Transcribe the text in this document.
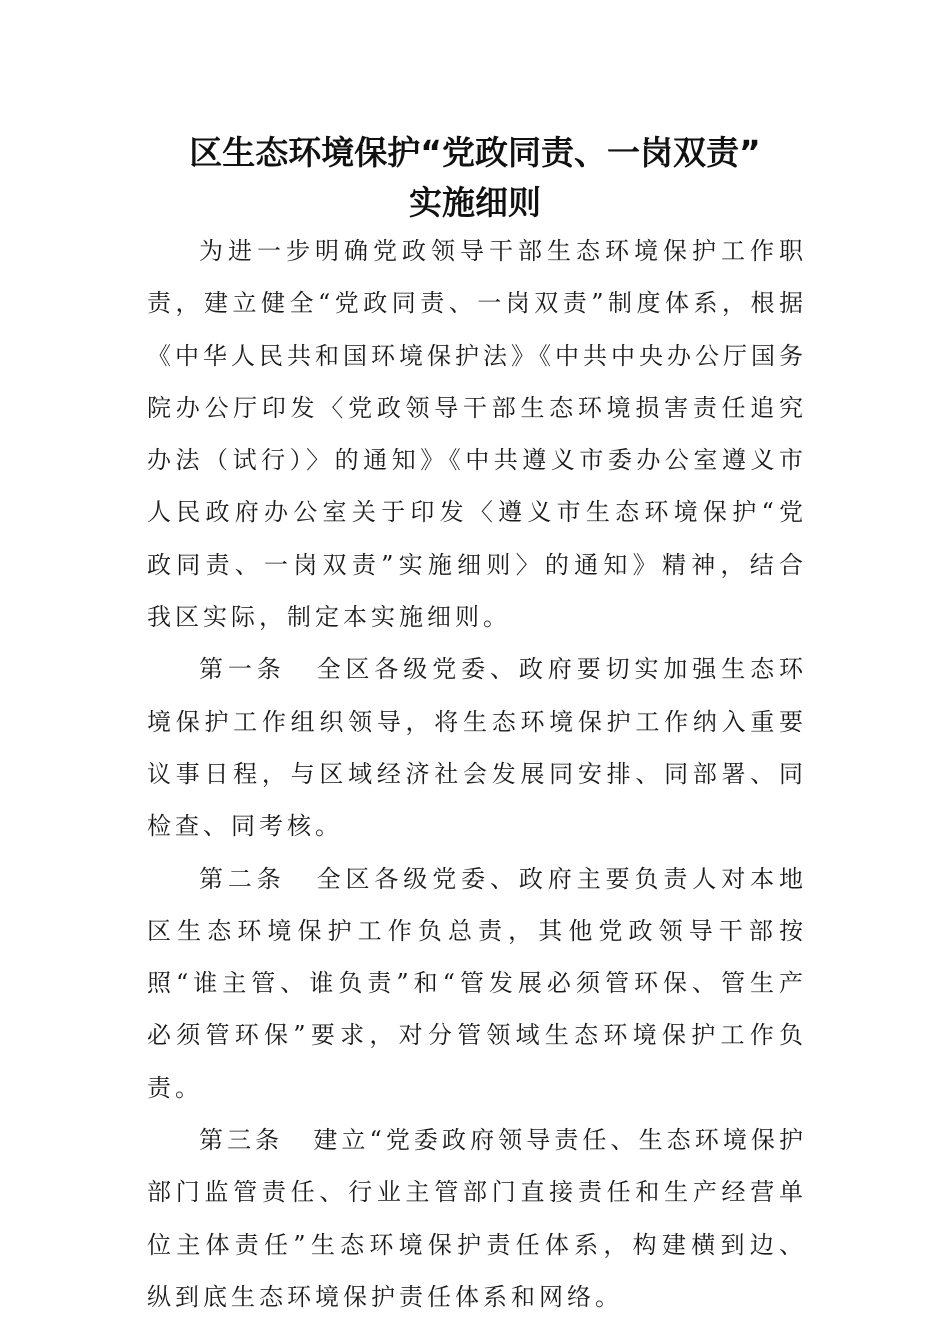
区生态环境保护“党政同责、一岗双责”
实施细则

为进一步明确党政领导干部生态环境保护工作职责，建立健全“党政同责、一岗双责”制度体系，根据《中华人民共和国环境保护法》《中共中央办公厅国务院办公厅印发〈党政领导干部生态环境损害责任追究办法（试行）〉的通知》《中共遵义市委办公室遵义市人民政府办公室关于印发〈遵义市生态环境保护“党政同责、一岗双责”实施细则〉的通知》精神，结合我区实际，制定本实施细则。

第一条 全区各级党委、政府要切实加强生态环境保护工作组织领导，将生态环境保护工作纳入重要议事日程，与区域经济社会发展同安排、同部署、同检查、同考核。

第二条 全区各级党委、政府主要负责人对本地区生态环境保护工作负总责，其他党政领导干部按照“谁主管、谁负责”和“管发展必须管环保、管生产必须管环保”要求，对分管领域生态环境保护工作负责。

第三条 建立“党委政府领导责任、生态环境保护部门监管责任、行业主管部门直接责任和生产经营单位主体责任”生态环境保护责任体系，构建横到边、纵到底生态环境保护责任体系和网络。
